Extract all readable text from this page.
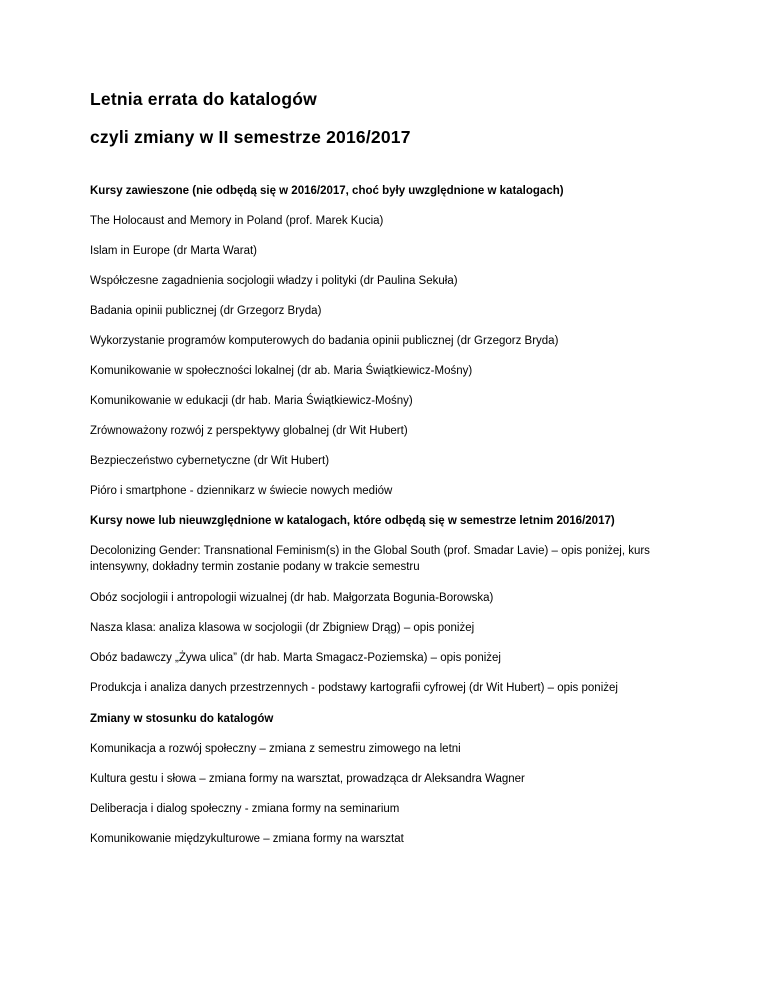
Letnia errata do katalogów

czyli zmiany w II semestrze 2016/2017

Kursy zawieszone (nie odbędą się w 2016/2017, choć były uwzględnione w katalogach)

The Holocaust and Memory in Poland (prof. Marek Kucia)

Islam in Europe (dr Marta Warat)

Współczesne zagadnienia socjologii władzy i polityki (dr Paulina Sekuła)

Badania opinii publicznej (dr Grzegorz Bryda)

Wykorzystanie programów komputerowych do badania opinii publicznej (dr Grzegorz Bryda)

Komunikowanie w społeczności lokalnej (dr ab. Maria Świątkiewicz-Mośny)

Komunikowanie w edukacji (dr hab. Maria Świątkiewicz-Mośny)

Zrównoważony rozwój z perspektywy globalnej (dr Wit Hubert)

Bezpieczeństwo cybernetyczne (dr Wit Hubert)

Pióro i smartphone - dziennikarz w świecie nowych mediów

Kursy nowe lub nieuwzględnione w katalogach, które odbędą się w semestrze letnim 2016/2017)

Decolonizing Gender: Transnational Feminism(s) in the Global South (prof. Smadar Lavie) – opis poniżej, kurs intensywny, dokładny termin zostanie podany w trakcie semestru

Obóz socjologii i antropologii wizualnej (dr hab. Małgorzata Bogunia-Borowska)

Nasza klasa: analiza klasowa w socjologii (dr Zbigniew Drąg) – opis poniżej

Obóz badawczy „Żywa ulica” (dr hab. Marta Smagacz-Poziemska) – opis poniżej

Produkcja i analiza danych przestrzennych - podstawy kartografii cyfrowej (dr Wit Hubert) – opis poniżej

Zmiany w stosunku do katalogów

Komunikacja a rozwój społeczny – zmiana z semestru zimowego na letni

Kultura gestu i słowa – zmiana formy na warsztat, prowadząca dr Aleksandra Wagner

Deliberacja i dialog społeczny - zmiana formy na seminarium

Komunikowanie międzykulturowe – zmiana formy na warsztat
